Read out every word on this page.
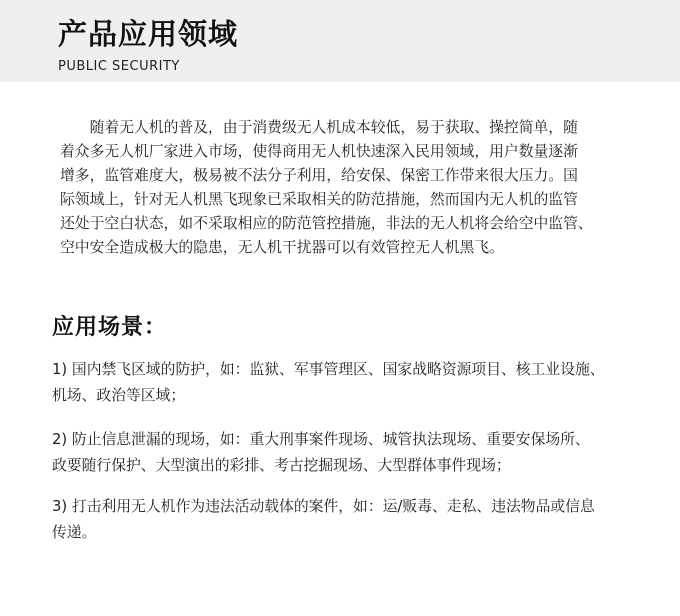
产品应用领域
PUBLIC SECURITY
　　随着无人机的普及，由于消费级无人机成本较低，易于获取、操控简单，随
着众多无人机厂家进入市场，使得商用无人机快速深入民用领域，用户数量逐渐
增多，监管难度大，极易被不法分子利用，给安保、保密工作带来很大压力。国
际领域上，针对无人机黑飞现象已采取相关的防范措施，然而国内无人机的监管
还处于空白状态，如不采取相应的防范管控措施，非法的无人机将会给空中监管、
空中安全造成极大的隐患，无人机干扰器可以有效管控无人机黑飞。
应用场景：
1) 国内禁飞区域的防护，如：监狱、军事管理区、国家战略资源项目、核工业设施、
机场、政治等区域；
2) 防止信息泄漏的现场，如：重大刑事案件现场、城管执法现场、重要安保场所、
政要随行保护、大型演出的彩排、考古挖掘现场、大型群体事件现场；
3) 打击利用无人机作为违法活动载体的案件，如：运/贩毒、走私、违法物品或信息
传递。
